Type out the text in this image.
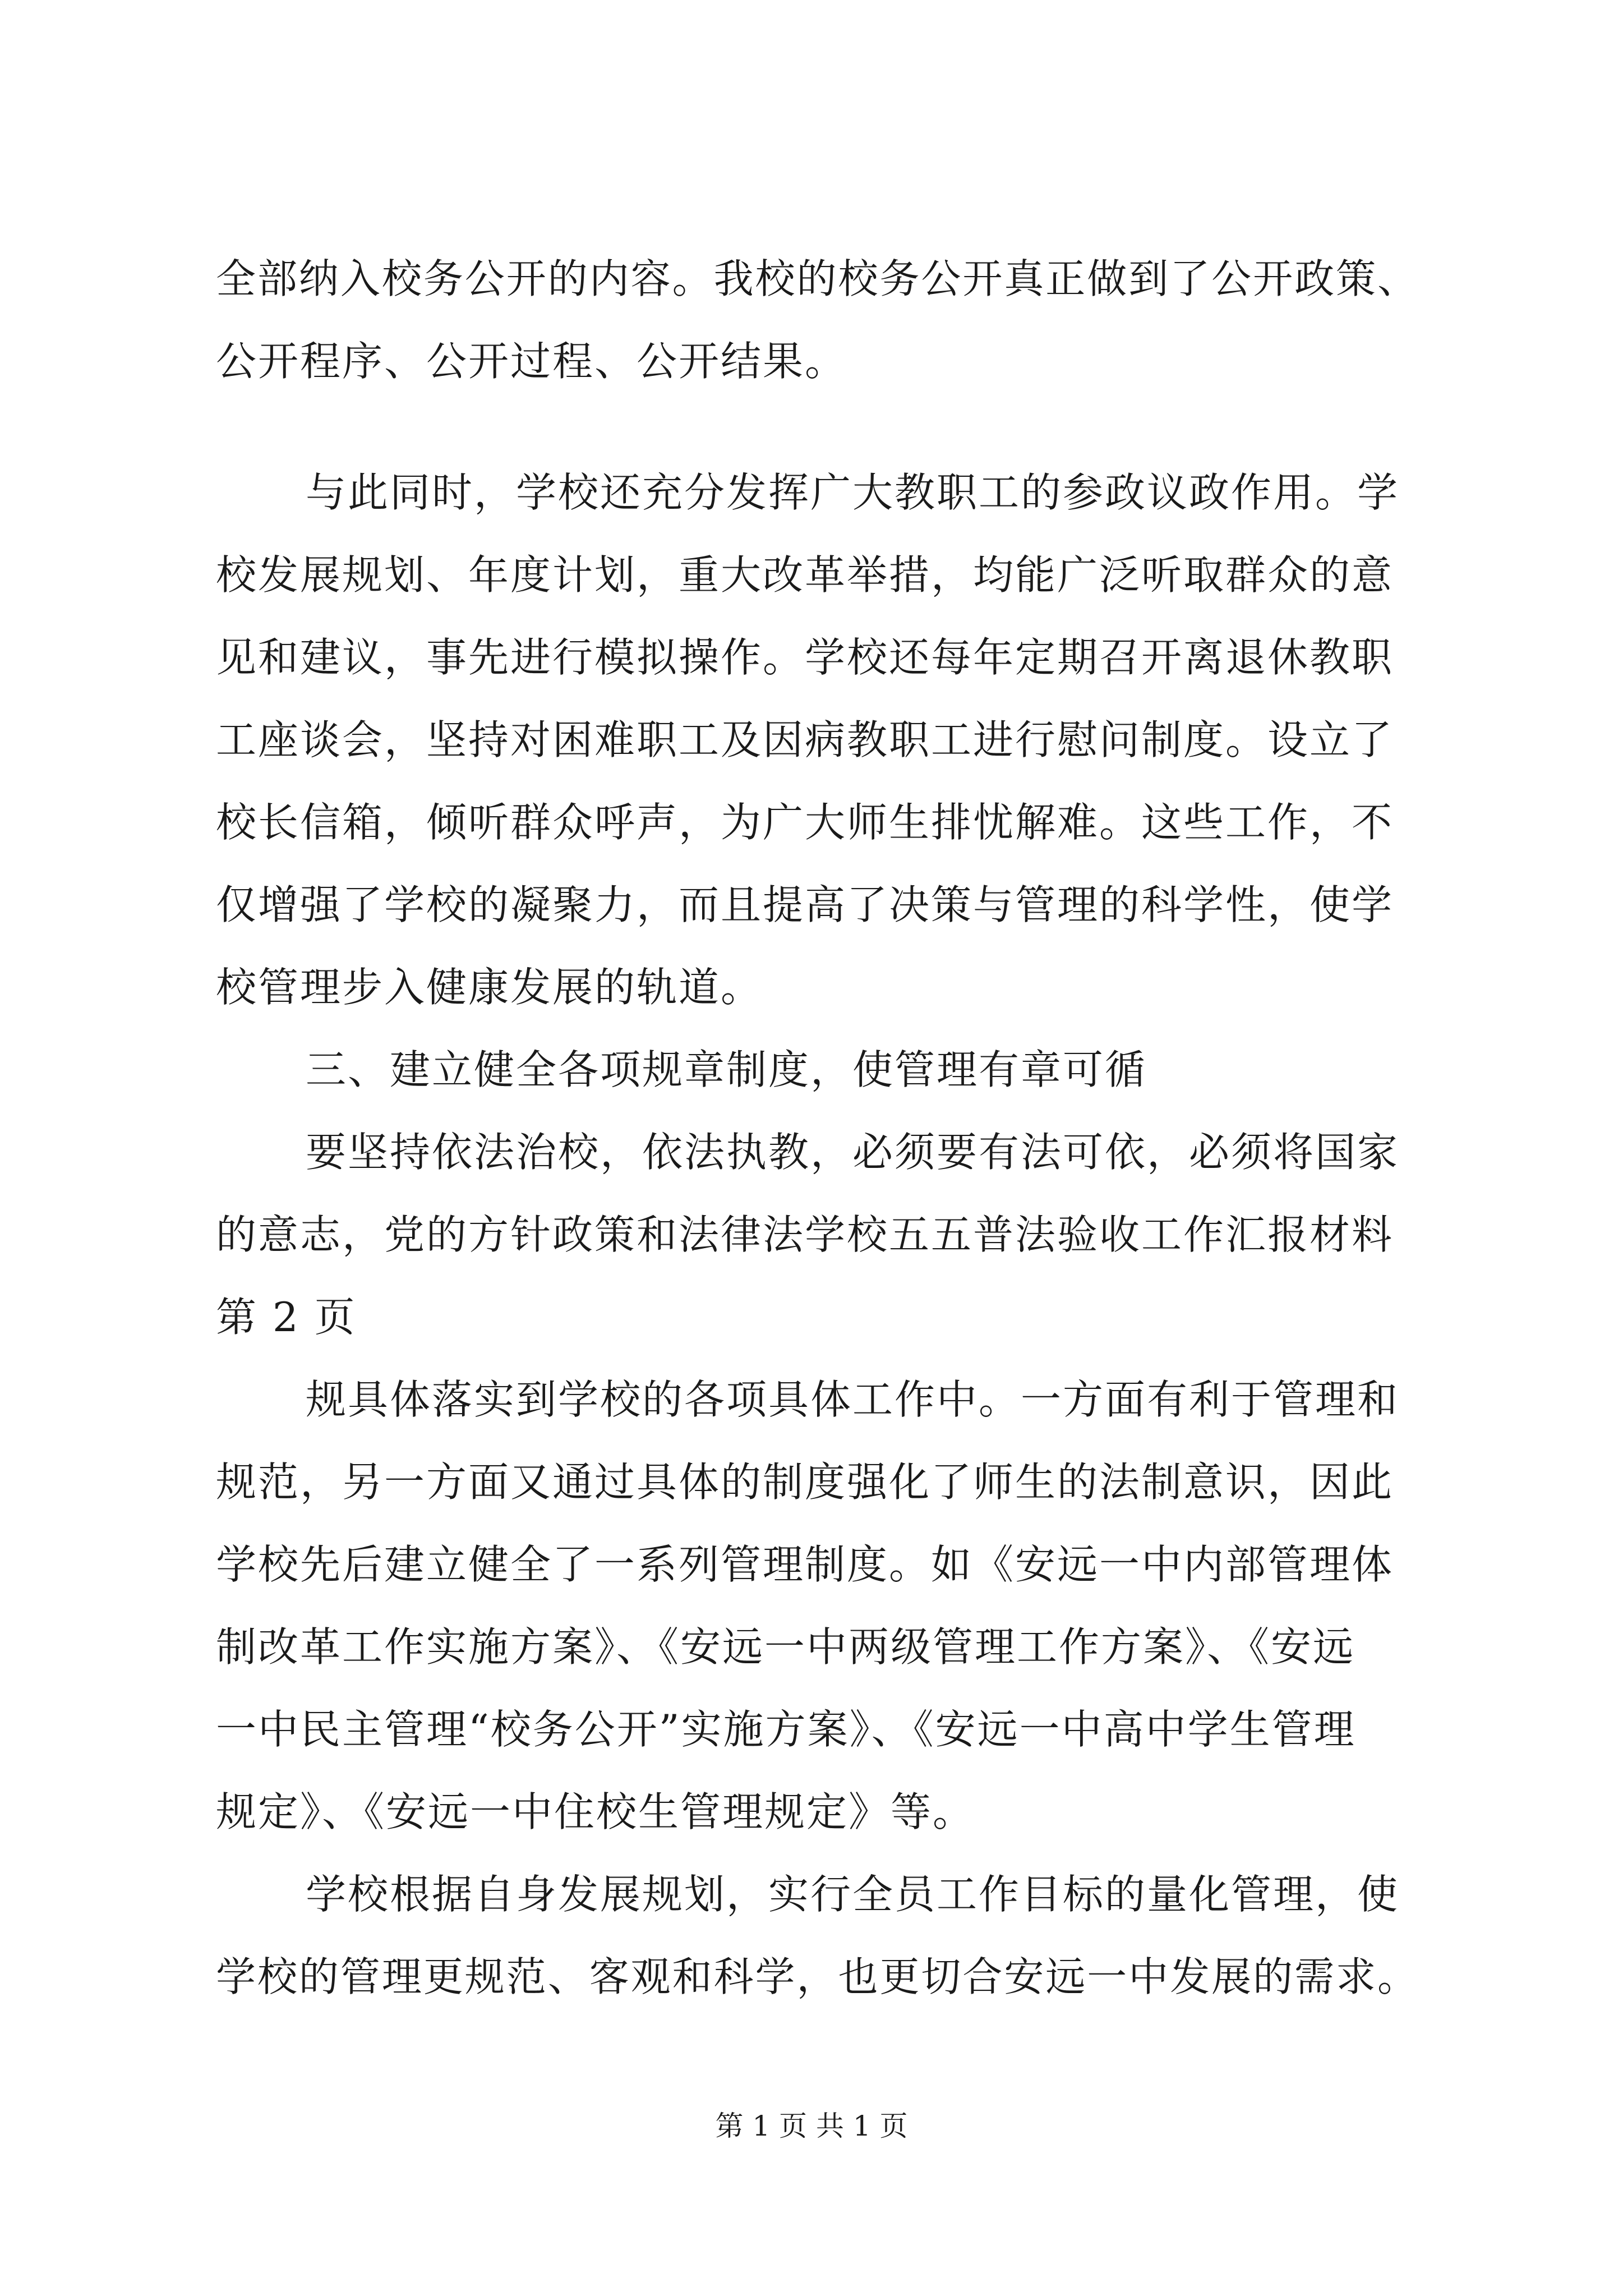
全部纳入校务公开的内容。我校的校务公开真正做到了公开政策、
公开程序、公开过程、公开结果。
与此同时，学校还充分发挥广大教职工的参政议政作用。学
校发展规划、年度计划，重大改革举措，均能广泛听取群众的意
见和建议，事先进行模拟操作。学校还每年定期召开离退休教职
工座谈会，坚持对困难职工及因病教职工进行慰问制度。设立了
校长信箱，倾听群众呼声，为广大师生排忧解难。这些工作，不
仅增强了学校的凝聚力，而且提高了决策与管理的科学性，使学
校管理步入健康发展的轨道。
三、建立健全各项规章制度，使管理有章可循
要坚持依法治校，依法执教，必须要有法可依，必须将国家
的意志，党的方针政策和法律法学校五五普法验收工作汇报材料
第 2 页
规具体落实到学校的各项具体工作中。一方面有利于管理和
规范，另一方面又通过具体的制度强化了师生的法制意识，因此
学校先后建立健全了一系列管理制度。如《安远一中内部管理体
制改革工作实施方案》、《安远一中两级管理工作方案》、《安远
一中民主管理“校务公开”实施方案》、《安远一中高中学生管理
规定》、《安远一中住校生管理规定》等。
学校根据自身发展规划，实行全员工作目标的量化管理，使
学校的管理更规范、客观和科学，也更切合安远一中发展的需求。
第 1 页 共 1 页
